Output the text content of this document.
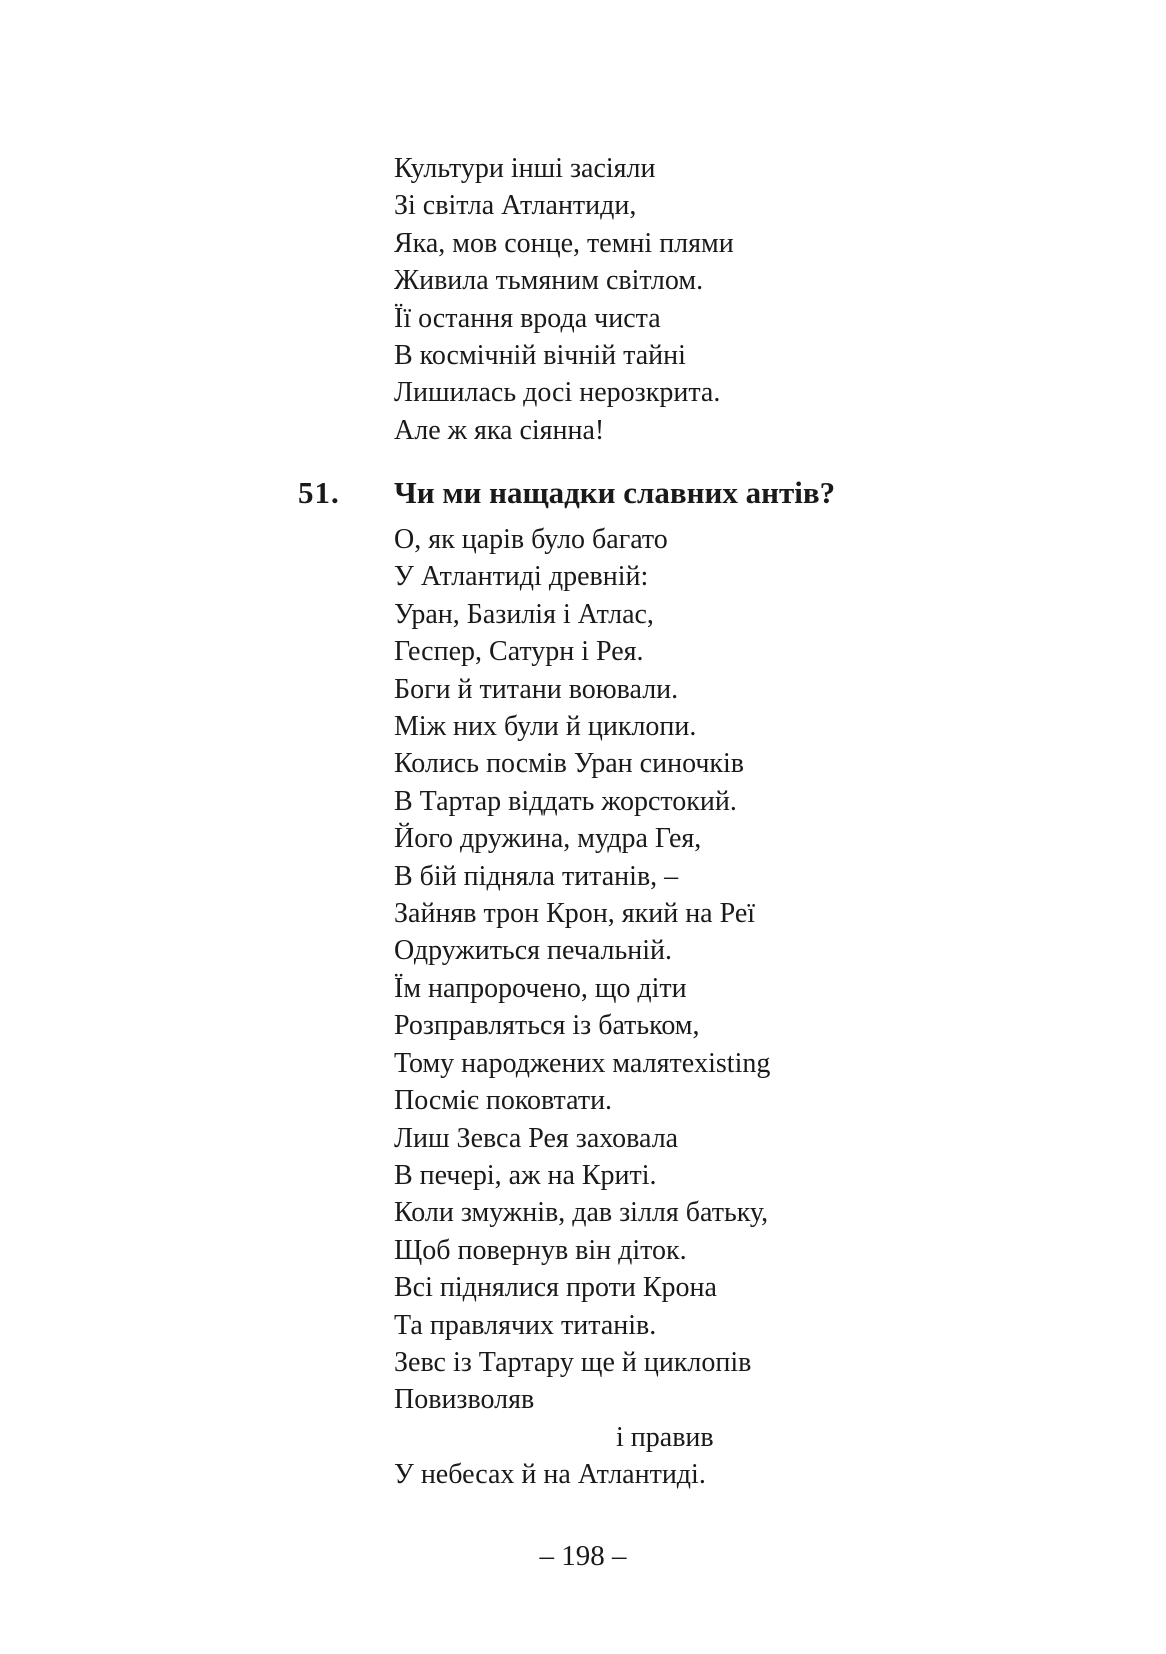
Культури інші засіяли
Зі світла Атлантиди,
Яка, мов сонце, темні плями
Живила тьмяним світлом.
Її остання врода чиста
В космічній вічній тайні
Лишилась досі нерозкрита.
Але ж яка сіянна!
51. Чи ми нащадки славних антів?
О, як царів було багато
У Атлантиді древній:
Уран, Базилія і Атлас,
Геспер, Сатурн і Рея.
Боги й титани воювали.
Між них були й циклопи.
Колись посмів Уран синочків
В Тартар віддать жорстокий.
Його дружина, мудра Гея,
В бій підняла титанів, –
Зайняв трон Крон, який на Реї
Одружиться печальній.
Їм напророчено, що діти
Розправляться із батьком,
Тому народжених малятexisting
Посміє поковтати.
Лиш Зевса Рея заховала
В печері, аж на Криті.
Коли змужнів, дав зілля батьку,
Щоб повернув він діток.
Всі піднялися проти Крона
Та правлячих титанів.
Зевс із Тартару ще й циклопів
Повизволяв
і правив
У небесах й на Атлантиді.
– 198 –
